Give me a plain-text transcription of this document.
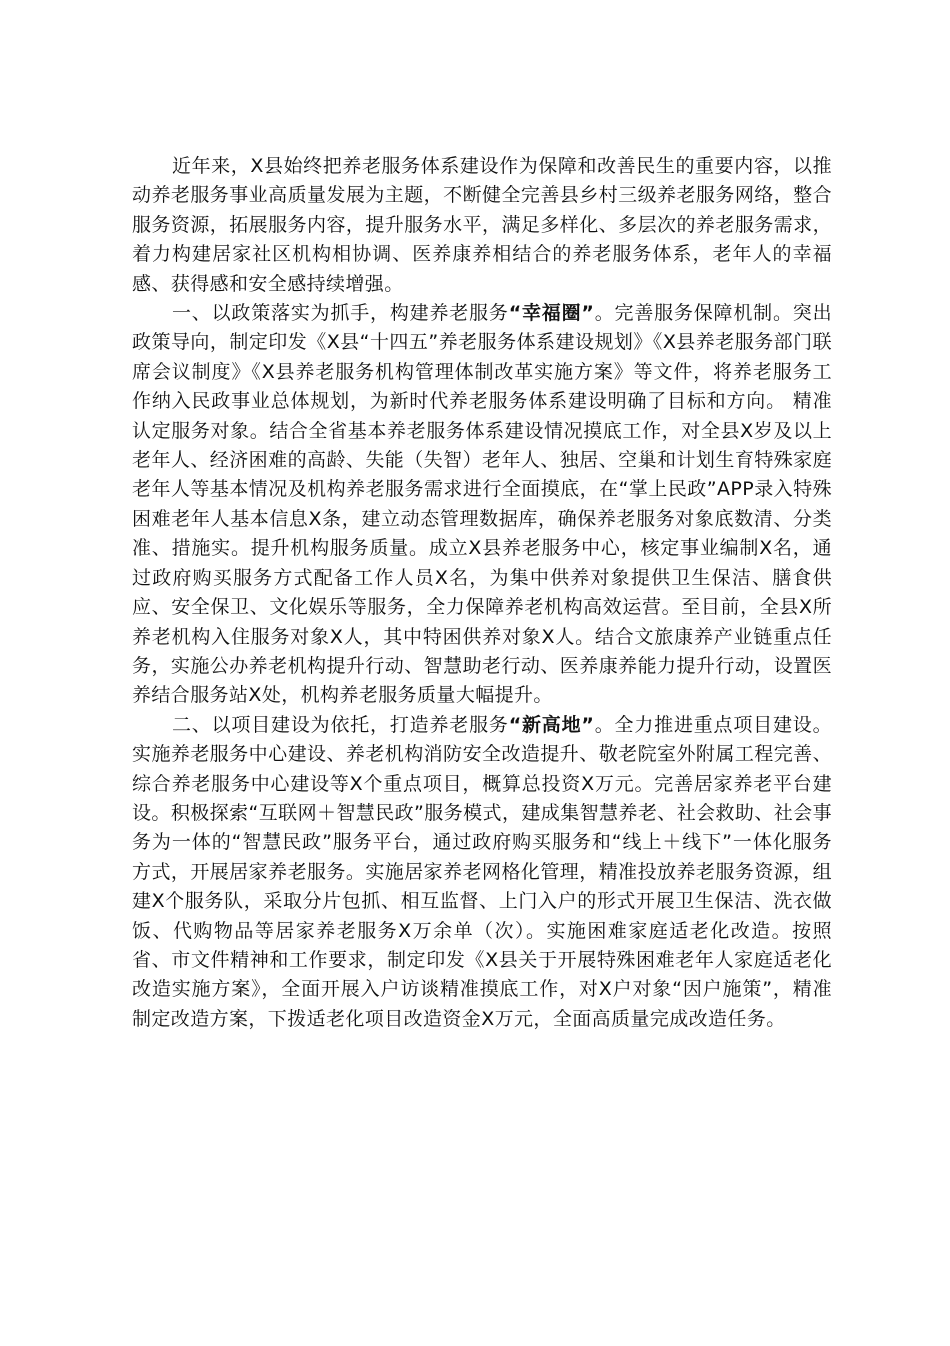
近年来，X县始终把养老服务体系建设作为保障和改善民生的重要内容，以推动养老服务事业高质量发展为主题，不断健全完善县乡村三级养老服务网络，整合服务资源，拓展服务内容，提升服务水平，满足多样化、多层次的养老服务需求，着力构建居家社区机构相协调、医养康养相结合的养老服务体系，老年人的幸福感、获得感和安全感持续增强。

一、以政策落实为抓手，构建养老服务“幸福圈”。完善服务保障机制。突出政策导向，制定印发《X县“十四五”养老服务体系建设规划》《X县养老服务部门联席会议制度》《X县养老服务机构管理体制改革实施方案》等文件，将养老服务工作纳入民政事业总体规划，为新时代养老服务体系建设明确了目标和方向。 精准认定服务对象。结合全省基本养老服务体系建设情况摸底工作，对全县X岁及以上老年人、经济困难的高龄、失能（失智）老年人、独居、空巢和计划生育特殊家庭老年人等基本情况及机构养老服务需求进行全面摸底，在“掌上民政”APP录入特殊困难老年人基本信息X条，建立动态管理数据库，确保养老服务对象底数清、分类准、措施实。提升机构服务质量。成立X县养老服务中心，核定事业编制X名，通过政府购买服务方式配备工作人员X名，为集中供养对象提供卫生保洁、膳食供应、安全保卫、文化娱乐等服务，全力保障养老机构高效运营。至目前，全县X所养老机构入住服务对象X人，其中特困供养对象X人。结合文旅康养产业链重点任务，实施公办养老机构提升行动、智慧助老行动、医养康养能力提升行动，设置医养结合服务站X处，机构养老服务质量大幅提升。

二、以项目建设为依托，打造养老服务“新高地”。全力推进重点项目建设。实施养老服务中心建设、养老机构消防安全改造提升、敬老院室外附属工程完善、综合养老服务中心建设等X个重点项目，概算总投资X万元。完善居家养老平台建设。积极探索“互联网＋智慧民政”服务模式，建成集智慧养老、社会救助、社会事务为一体的“智慧民政”服务平台，通过政府购买服务和“线上＋线下”一体化服务方式，开展居家养老服务。实施居家养老网格化管理，精准投放养老服务资源，组建X个服务队，采取分片包抓、相互监督、上门入户的形式开展卫生保洁、洗衣做饭、代购物品等居家养老服务X万余单（次）。实施困难家庭适老化改造。按照省、市文件精神和工作要求，制定印发《X县关于开展特殊困难老年人家庭适老化改造实施方案》，全面开展入户访谈精准摸底工作，对X户对象“因户施策”，精准制定改造方案，下拨适老化项目改造资金X万元，全面高质量完成改造任务。
